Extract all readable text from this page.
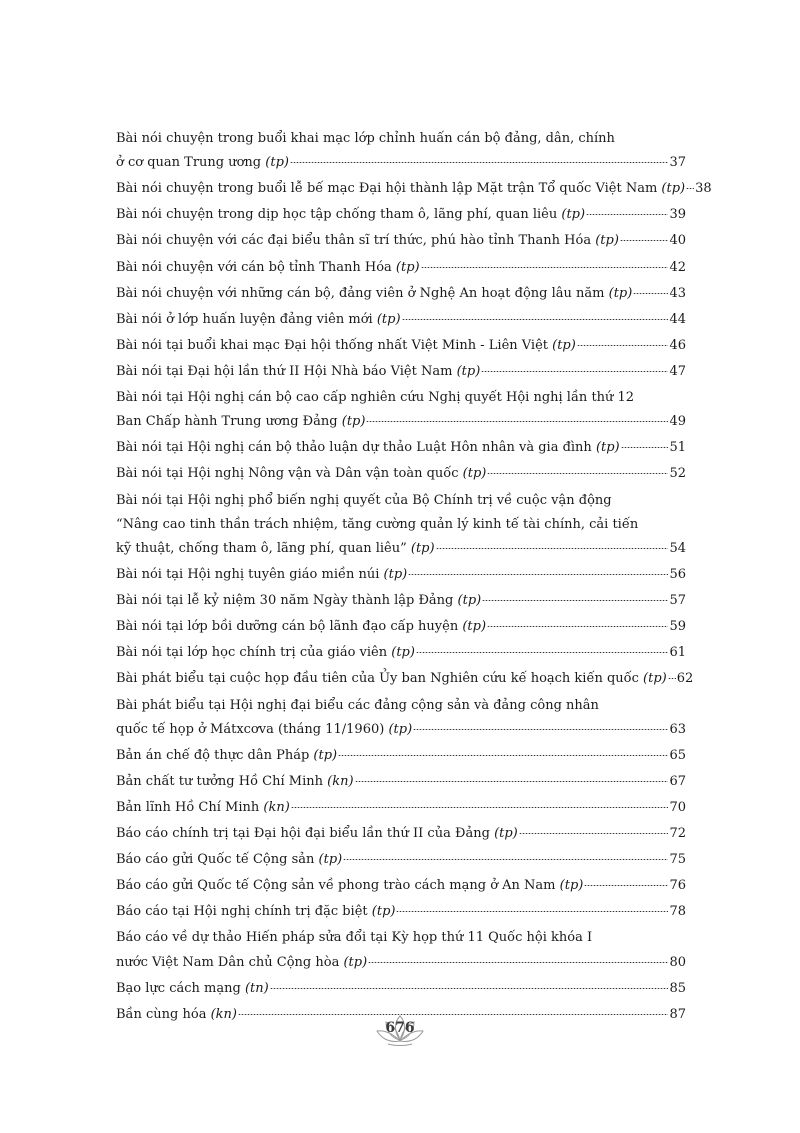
Bài nói chuyện trong buổi khai mạc lớp chỉnh huấn cán bộ đảng, dân, chính
ở cơ quan Trung ương (tp)	37
Bài nói chuyện trong buổi lễ bế mạc Đại hội thành lập Mặt trận Tổ quốc Việt Nam (tp) 38
Bài nói chuyện trong dịp học tập chống tham ô, lãng phí, quan liêu (tp)	39
Bài nói chuyện với các đại biểu thân sĩ trí thức, phú hào tỉnh Thanh Hóa (tp)	40
Bài nói chuyện với cán bộ tỉnh Thanh Hóa (tp)	42
Bài nói chuyện với những cán bộ, đảng viên ở Nghệ An hoạt động lâu năm (tp)	43
Bài nói ở lớp huấn luyện đảng viên mới (tp)	44
Bài nói tại buổi khai mạc Đại hội thống nhất Việt Minh - Liên Việt (tp)	46
Bài nói tại Đại hội lần thứ II Hội Nhà báo Việt Nam (tp)	47
Bài nói tại Hội nghị cán bộ cao cấp nghiên cứu Nghị quyết Hội nghị lần thứ 12
Ban Chấp hành Trung ương Đảng (tp)	49
Bài nói tại Hội nghị cán bộ thảo luận dự thảo Luật Hôn nhân và gia đình (tp)	51
Bài nói tại Hội nghị Nông vận và Dân vận toàn quốc (tp)	52
Bài nói tại Hội nghị phổ biến nghị quyết của Bộ Chính trị về cuộc vận động
“Nâng cao tinh thần trách nhiệm, tăng cường quản lý kinh tế tài chính, cải tiến
kỹ thuật, chống tham ô, lãng phí, quan liêu” (tp)	54
Bài nói tại Hội nghị tuyên giáo miền núi (tp)	56
Bài nói tại lễ kỷ niệm 30 năm Ngày thành lập Đảng (tp)	57
Bài nói tại lớp bồi dưỡng cán bộ lãnh đạo cấp huyện (tp)	59
Bài nói tại lớp học chính trị của giáo viên (tp)	61
Bài phát biểu tại cuộc họp đầu tiên của Ủy ban Nghiên cứu kế hoạch kiến quốc (tp) 62
Bài phát biểu tại Hội nghị đại biểu các đảng cộng sản và đảng công nhân
quốc tế họp ở Mátxcơva (tháng 11/1960) (tp)	63
Bản án chế độ thực dân Pháp (tp)	65
Bản chất tư tưởng Hồ Chí Minh (kn)	67
Bản lĩnh Hồ Chí Minh (kn)	70
Báo cáo chính trị tại Đại hội đại biểu lần thứ II của Đảng (tp)	72
Báo cáo gửi Quốc tế Cộng sản (tp)	75
Báo cáo gửi Quốc tế Cộng sản về phong trào cách mạng ở An Nam (tp)	76
Báo cáo tại Hội nghị chính trị đặc biệt (tp)	78
Báo cáo về dự thảo Hiến pháp sửa đổi tại Kỳ họp thứ 11 Quốc hội khóa I
nước Việt Nam Dân chủ Cộng hòa (tp)	80
Bạo lực cách mạng (tn)	85
Bần cùng hóa (kn)	87
676
